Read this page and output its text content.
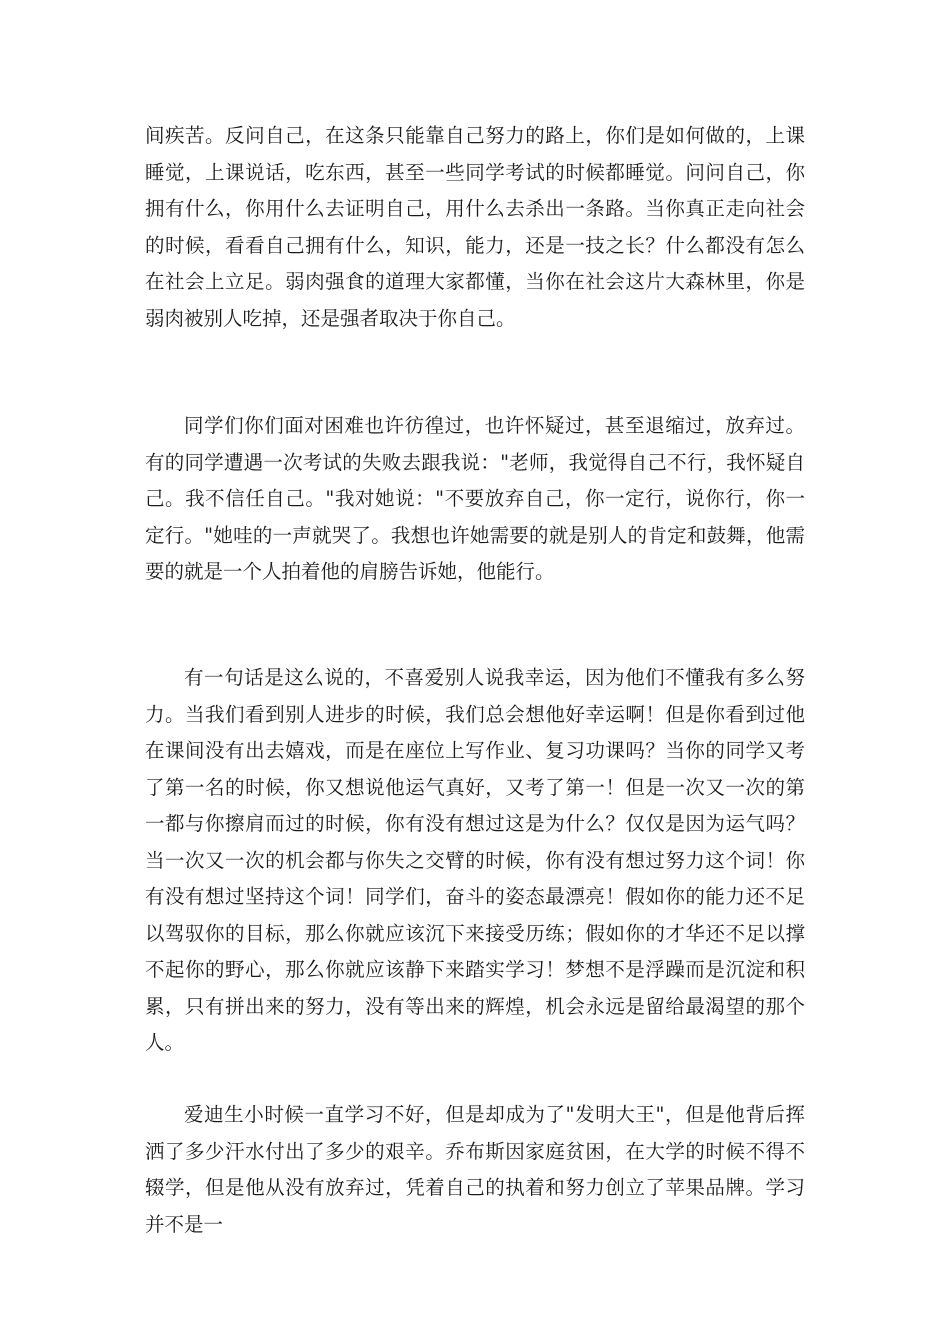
间疾苦。反问自己，在这条只能靠自己努力的路上，你们是如何做的，上课睡觉，上课说话，吃东西，甚至一些同学考试的时候都睡觉。问问自己，你拥有什么，你用什么去证明自己，用什么去杀出一条路。当你真正走向社会的时候，看看自己拥有什么，知识，能力，还是一技之长？什么都没有怎么在社会上立足。弱肉强食的道理大家都懂，当你在社会这片大森林里，你是弱肉被别人吃掉，还是强者取决于你自己。

同学们你们面对困难也许彷徨过，也许怀疑过，甚至退缩过，放弃过。有的同学遭遇一次考试的失败去跟我说："老师，我觉得自己不行，我怀疑自己。我不信任自己。"我对她说："不要放弃自己，你一定行，说你行，你一定行。"她哇的一声就哭了。我想也许她需要的就是别人的肯定和鼓舞，他需要的就是一个人拍着他的肩膀告诉她，他能行。

有一句话是这么说的，不喜爱别人说我幸运，因为他们不懂我有多么努力。当我们看到别人进步的时候，我们总会想他好幸运啊！但是你看到过他在课间没有出去嬉戏，而是在座位上写作业、复习功课吗？当你的同学又考了第一名的时候，你又想说他运气真好，又考了第一！但是一次又一次的第一都与你擦肩而过的时候，你有没有想过这是为什么？仅仅是因为运气吗？当一次又一次的机会都与你失之交臂的时候，你有没有想过努力这个词！你有没有想过坚持这个词！同学们，奋斗的姿态最漂亮！假如你的能力还不足以驾驭你的目标，那么你就应该沉下来接受历练；假如你的才华还不足以撑不起你的野心，那么你就应该静下来踏实学习！梦想不是浮躁而是沉淀和积累，只有拼出来的努力，没有等出来的辉煌，机会永远是留给最渴望的那个人。

爱迪生小时候一直学习不好，但是却成为了"发明大王"，但是他背后挥洒了多少汗水付出了多少的艰辛。乔布斯因家庭贫困，在大学的时候不得不辍学，但是他从没有放弃过，凭着自己的执着和努力创立了苹果品牌。学习并不是一
